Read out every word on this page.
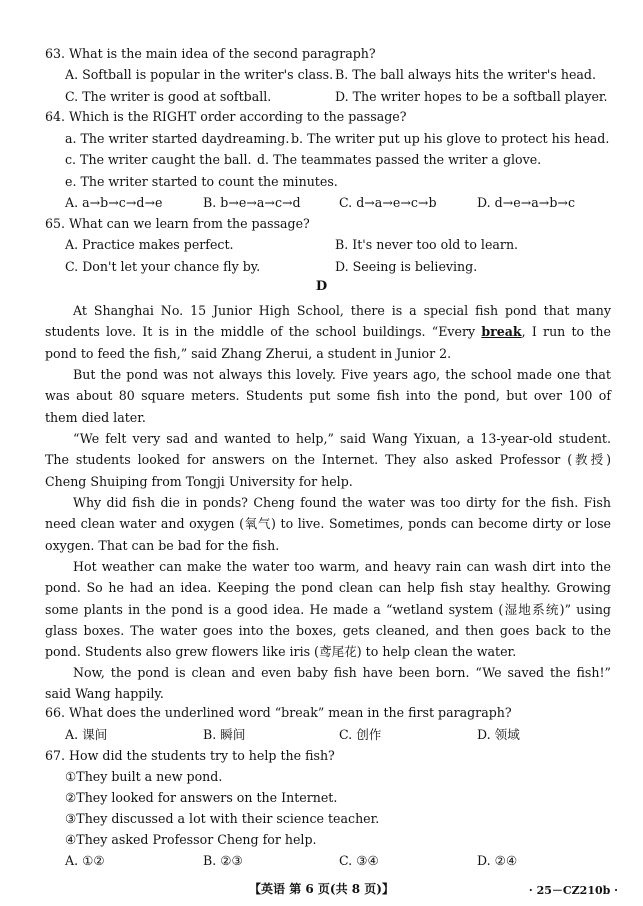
63. What is the main idea of the second paragraph?
A. Softball is popular in the writer's class. B. The ball always hits the writer's head.
C. The writer is good at softball.	D. The writer hopes to be a softball player.
64. Which is the RIGHT order according to the passage?
a. The writer started daydreaming. b. The writer put up his glove to protect his head.
c. The writer caught the ball. d. The teammates passed the writer a glove.
e. The writer started to count the minutes.
A. a→b→c→d→e	B. b→e→a→c→d	C. d→a→e→c→b	D. d→e→a→b→c
65. What can we learn from the passage?
A. Practice makes perfect.	B. It's never too old to learn.
C. Don't let your chance fly by.	D. Seeing is believing.
D
At Shanghai No. 15 Junior High School, there is a special fish pond that many students love. It is in the middle of the school buildings. “Every break, I run to the pond to feed the fish,” said Zhang Zherui, a student in Junior 2.
But the pond was not always this lovely. Five years ago, the school made one that was about 80 square meters. Students put some fish into the pond, but over 100 of them died later.
“We felt very sad and wanted to help,” said Wang Yixuan, a 13-year-old student. The students looked for answers on the Internet. They also asked Professor (教授) Cheng Shuiping from Tongji University for help.
Why did fish die in ponds? Cheng found the water was too dirty for the fish. Fish need clean water and oxygen (氧气) to live. Sometimes, ponds can become dirty or lose oxygen. That can be bad for the fish.
Hot weather can make the water too warm, and heavy rain can wash dirt into the pond. So he had an idea. Keeping the pond clean can help fish stay healthy. Growing some plants in the pond is a good idea. He made a “wetland system (湿地系统)” using glass boxes. The water goes into the boxes, gets cleaned, and then goes back to the pond. Students also grew flowers like iris (鸢尾花) to help clean the water.
Now, the pond is clean and even baby fish have been born. “We saved the fish!” said Wang happily.
66. What does the underlined word “break” mean in the first paragraph?
A. 课间	B. 瞬间	C. 创作	D. 领域
67. How did the students try to help the fish?
①They built a new pond.
②They looked for answers on the Internet.
③They discussed a lot with their science teacher.
④They asked Professor Cheng for help.
A. ①②	B. ②③	C. ③④	D. ②④
【英语 第 6 页(共 8 页)】	· 25－CZ210b ·
